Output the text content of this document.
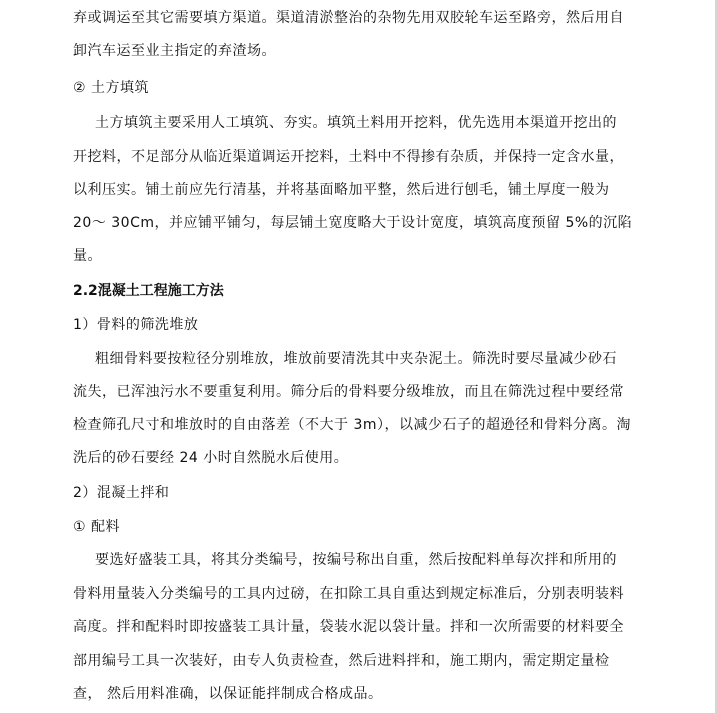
弃或调运至其它需要填方渠道。渠道清淤整治的杂物先用双胶轮车运至路旁，然后用自
卸汽车运至业主指定的弃渣场。
② 土方填筑
土方填筑主要采用人工填筑、夯实。填筑土料用开挖料，优先选用本渠道开挖出的
开挖料，不足部分从临近渠道调运开挖料，土料中不得掺有杂质，并保持一定含水量，
以利压实。铺土前应先行清基，并将基面略加平整，然后进行刨毛，铺土厚度一般为
20～ 30Cm，并应铺平铺匀，每层铺土宽度略大于设计宽度，填筑高度预留 5%的沉陷
量。
2.2混凝土工程施工方法
1）骨料的筛洗堆放
粗细骨料要按粒径分别堆放，堆放前要清洗其中夹杂泥土。筛洗时要尽量减少砂石
流失，已浑浊污水不要重复利用。筛分后的骨料要分级堆放，而且在筛洗过程中要经常
检查筛孔尺寸和堆放时的自由落差（不大于 3m），以减少石子的超逊径和骨料分离。淘
洗后的砂石要经 24 小时自然脱水后使用。
2）混凝土拌和
① 配料
要选好盛装工具，将其分类编号，按编号称出自重，然后按配料单每次拌和所用的
骨料用量装入分类编号的工具内过磅，在扣除工具自重达到规定标准后，分别表明装料
高度。拌和配料时即按盛装工具计量，袋装水泥以袋计量。拌和一次所需要的材料要全
部用编号工具一次装好，由专人负责检查，然后进料拌和，施工期内，需定期定量检
查， 然后用料准确，以保证能拌制成合格成品。
